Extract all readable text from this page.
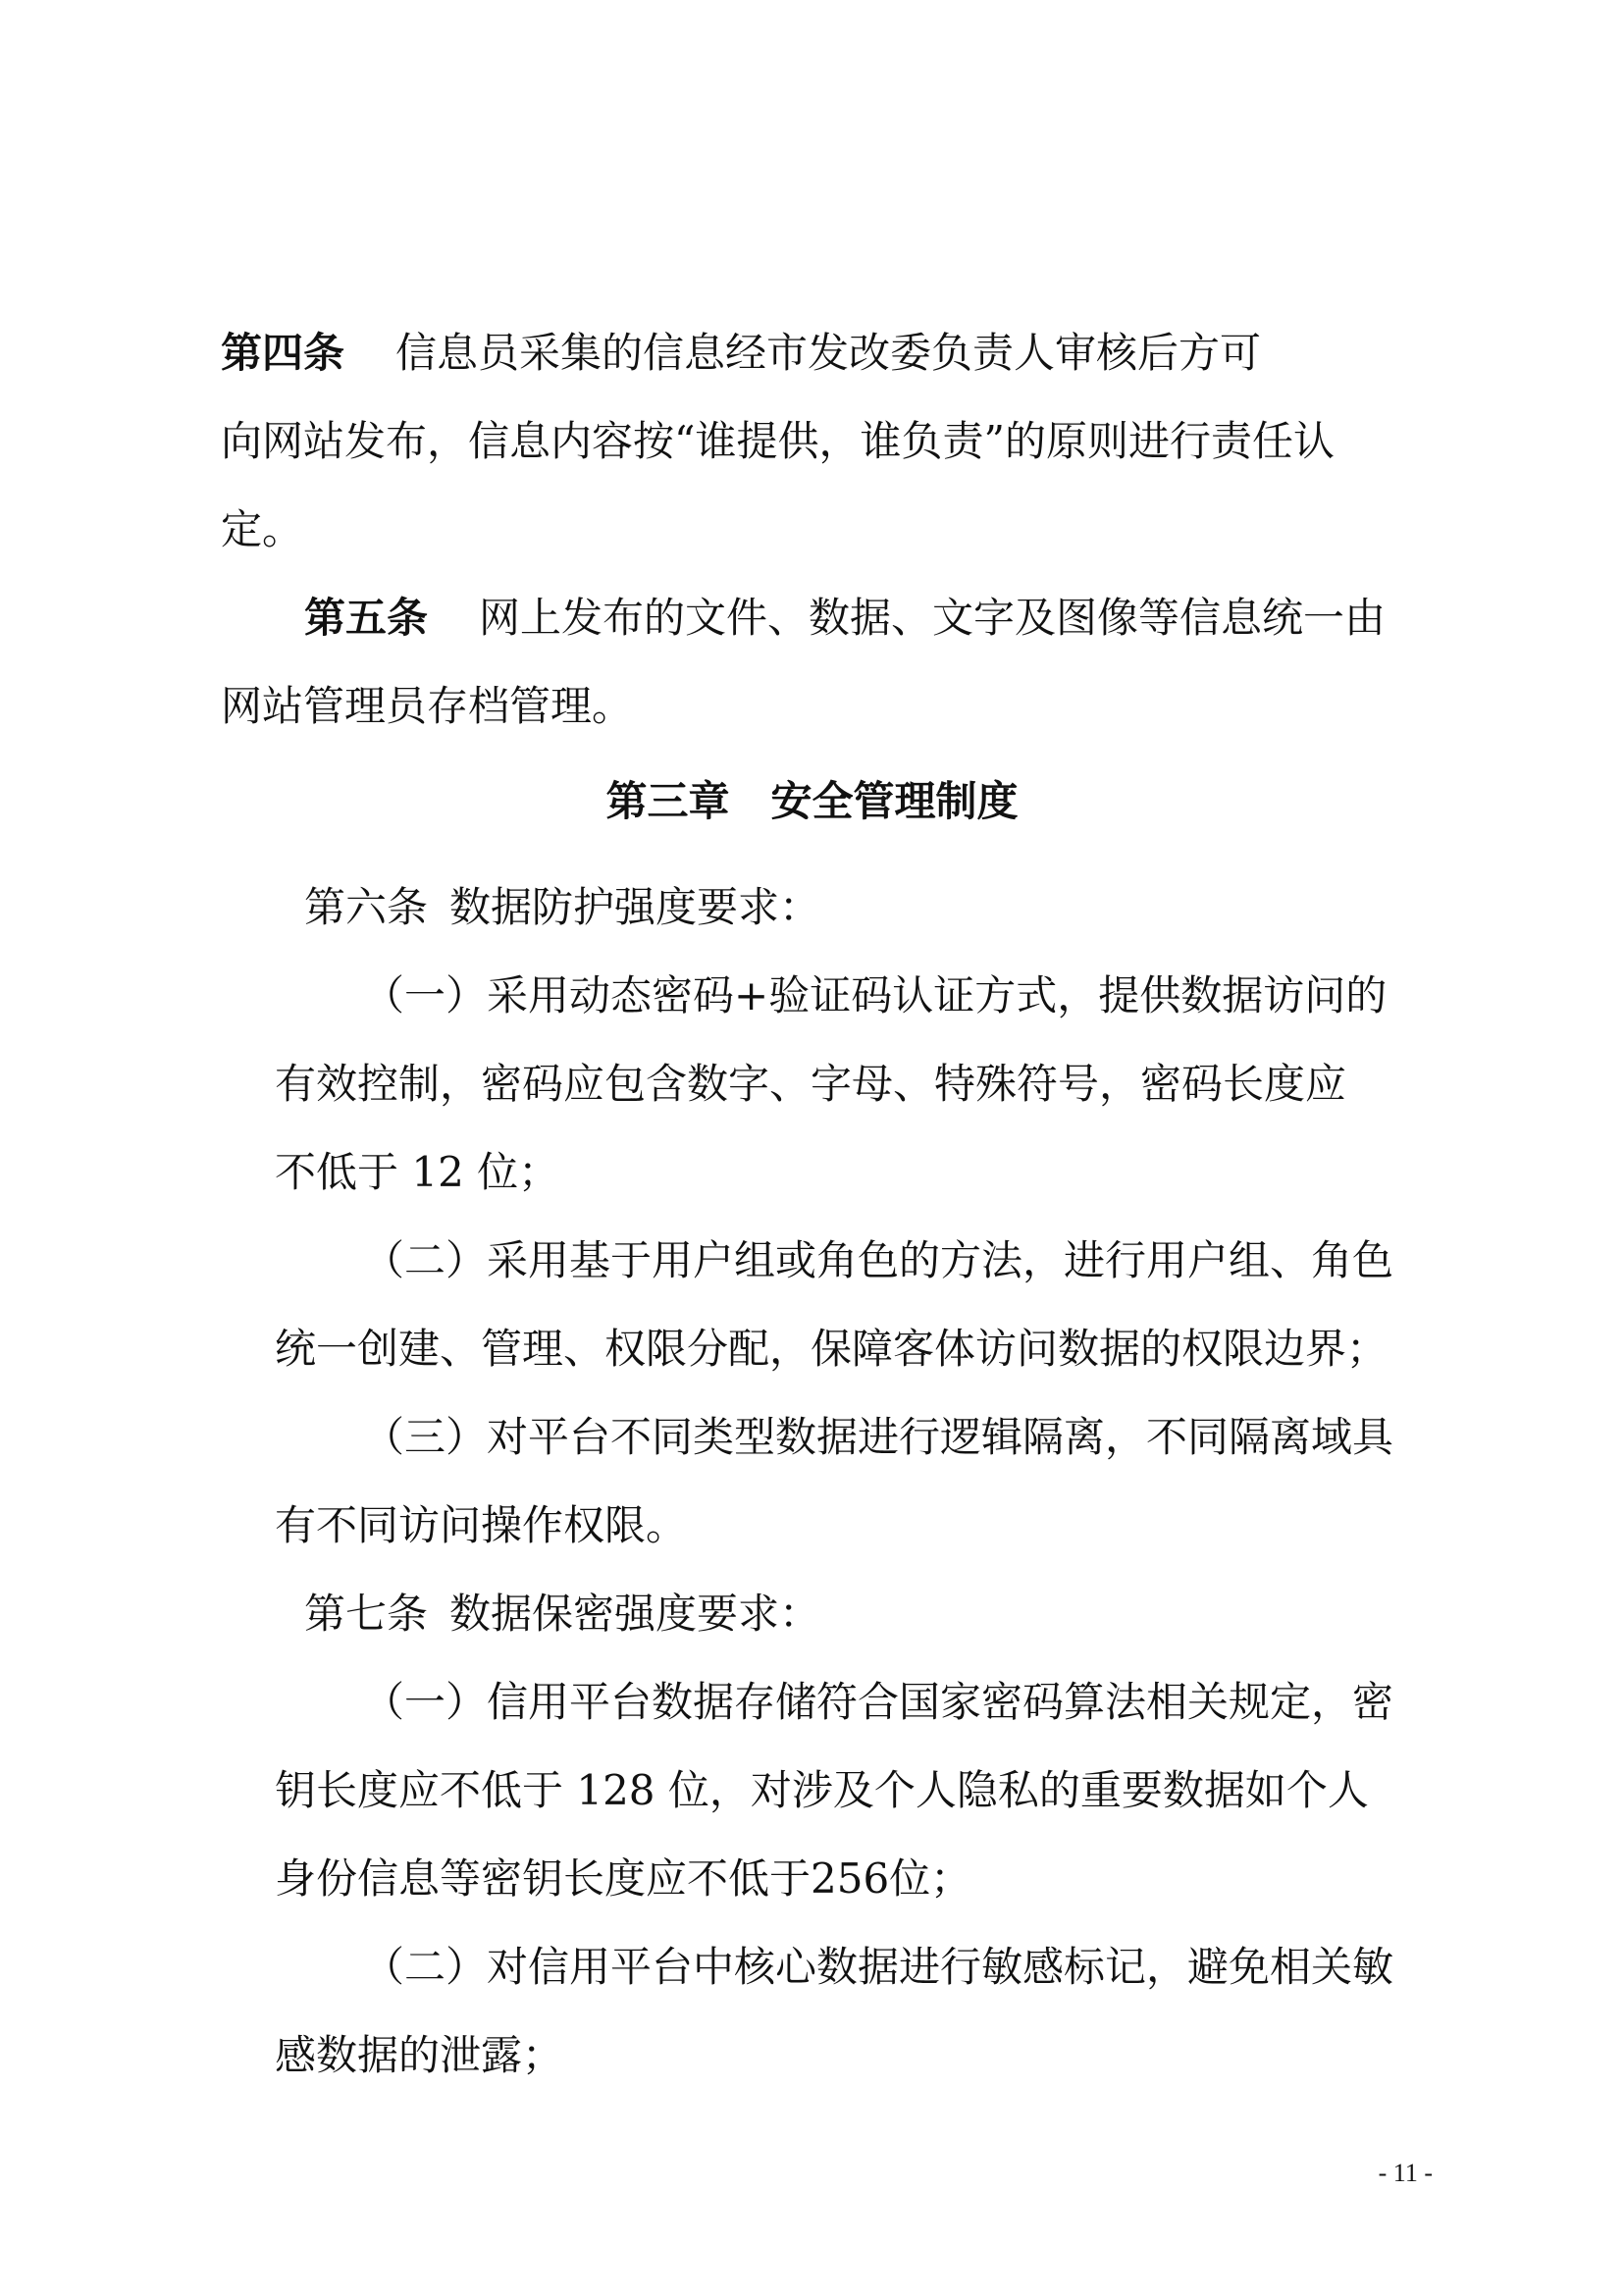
第四条 信息员采集的信息经市发改委负责人审核后方可
向网站发布，信息内容按“谁提供，谁负责”的原则进行责任认
定。
第五条 网上发布的文件、数据、文字及图像等信息统一由
网站管理员存档管理。
第三章　安全管理制度
第六条 数据防护强度要求：
（一）采用动态密码+验证码认证方式，提供数据访问的
有效控制，密码应包含数字、字母、特殊符号，密码长度应
不低于 12 位；
（二）采用基于用户组或角色的方法，进行用户组、角色
统一创建、管理、权限分配，保障客体访问数据的权限边界；
（三）对平台不同类型数据进行逻辑隔离，不同隔离域具
有不同访问操作权限。
第七条 数据保密强度要求：
（一）信用平台数据存储符合国家密码算法相关规定，密
钥长度应不低于 128 位，对涉及个人隐私的重要数据如个人
身份信息等密钥长度应不低于256位；
（二）对信用平台中核心数据进行敏感标记，避免相关敏
感数据的泄露；
- 11 -
